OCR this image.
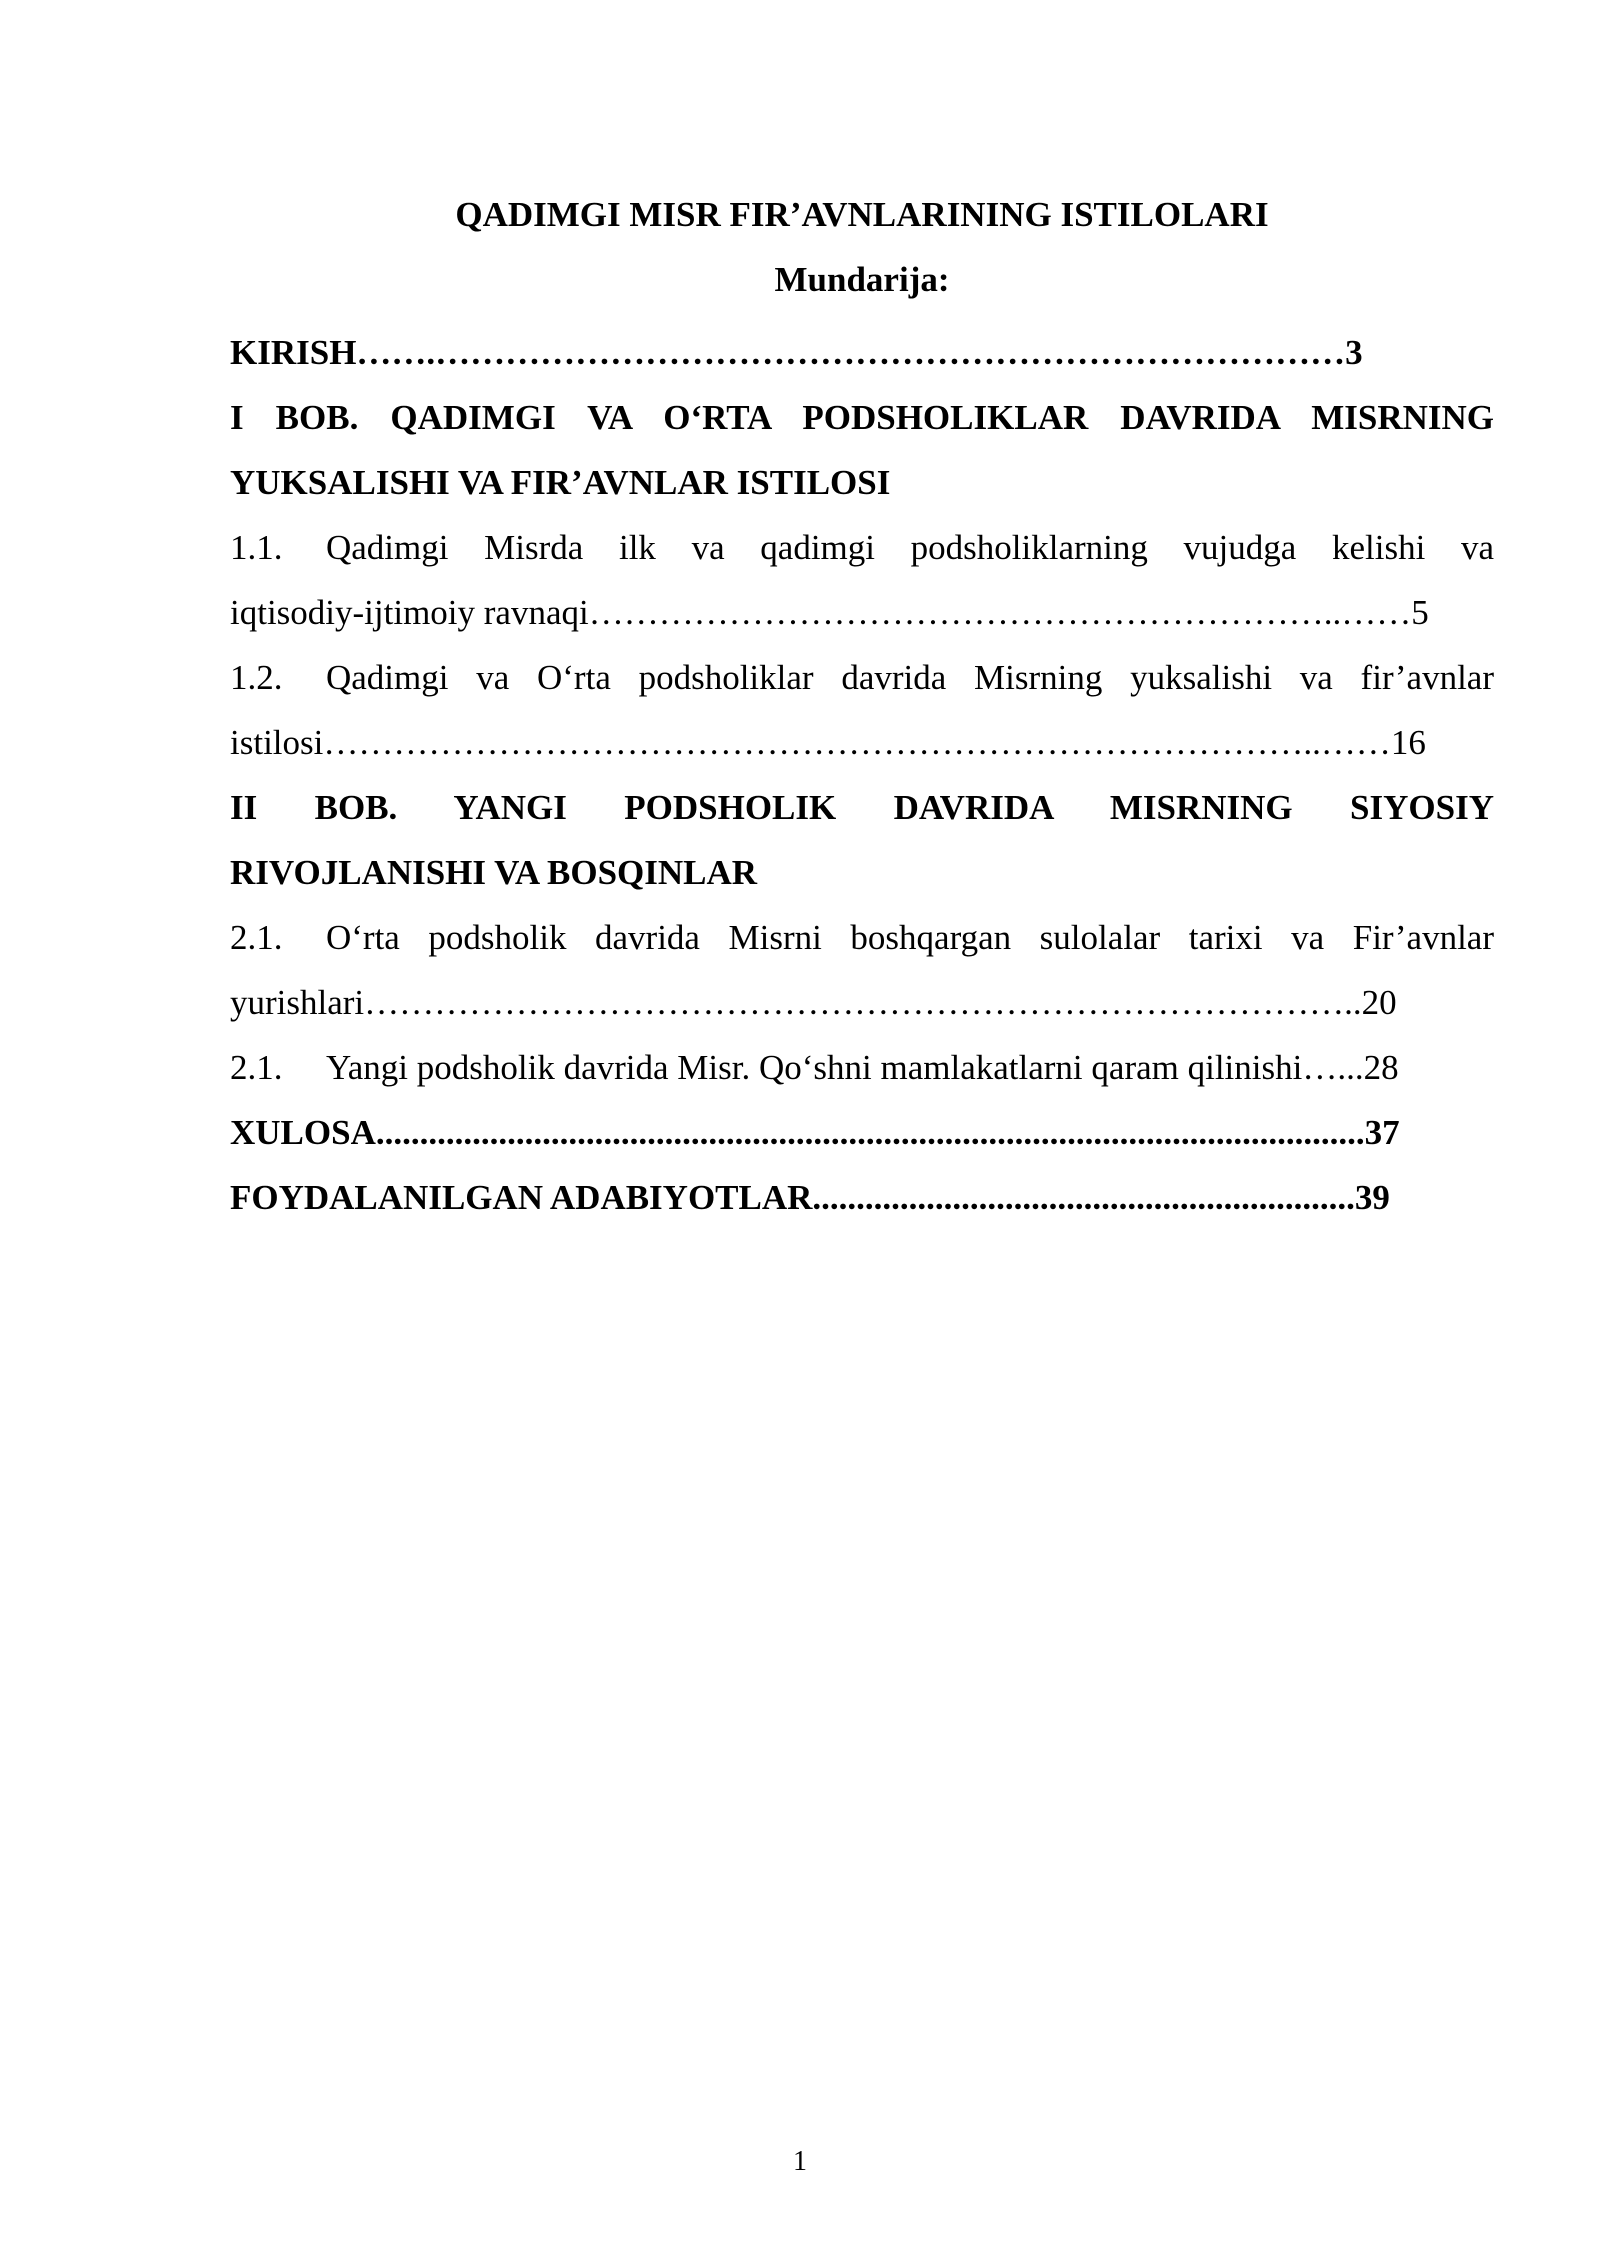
QADIMGI MISR FIR’AVNLARINING ISTILOLARI
Mundarija:
KIRISH…….……………………………………………………………………3
I BOB. QADIMGI VA O‘RTA PODSHOLIKLAR DAVRIDA MISRNING
YUKSALISHI VA FIR’AVNLAR ISTILOSI
1.1. Qadimgi Misrda ilk va qadimgi podsholiklarning vujudga kelishi va
iqtisodiy-ijtimoiy ravnaqi………………………………………………………..……5
1.2. Qadimgi va O‘rta podsholiklar davrida Misrning yuksalishi va fir’avnlar
istilosi…………………………………………………………………………..……16
II BOB. YANGI PODSHOLIK DAVRIDA MISRNING SIYOSIY
RIVOJLANISHI VA BOSQINLAR
2.1. O‘rta podsholik davrida Misrni boshqargan sulolalar tarixi va Fir’avnlar
yurishlari…………………………………………………………………………..20
2.1. Yangi podsholik davrida Misr. Qo‘shni mamlakatlarni qaram qilinishi…...28
XULOSA.................................................................................................................37
FOYDALANILGAN ADABIYOTLAR..............................................................39
1
